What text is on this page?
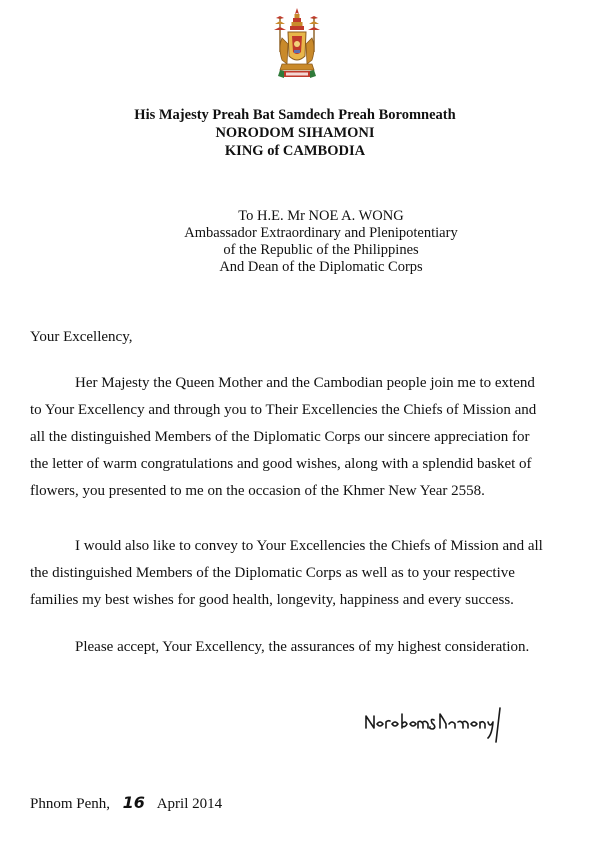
His Majesty Preah Bat Samdech Preah Boromneath
NORODOM SIHAMONI
KING of CAMBODIA
To H.E. Mr NOE A. WONG
Ambassador Extraordinary and Plenipotentiary
of the Republic of the Philippines
And Dean of the Diplomatic Corps
Your Excellency,
Her Majesty the Queen Mother and the Cambodian people join me to extend
to Your Excellency and through you to Their Excellencies the Chiefs of Mission and
all the distinguished Members of the Diplomatic Corps our sincere appreciation for
the letter of warm congratulations and good wishes, along with a splendid basket of
flowers, you presented to me on the occasion of the Khmer New Year 2558.
I would also like to convey to Your Excellencies the Chiefs of Mission and all
the distinguished Members of the Diplomatic Corps as well as to your respective
families my best wishes for good health, longevity, happiness and every success.
Please accept, Your Excellency, the assurances of my highest consideration.
Phnom Penh, 16 April 2014
